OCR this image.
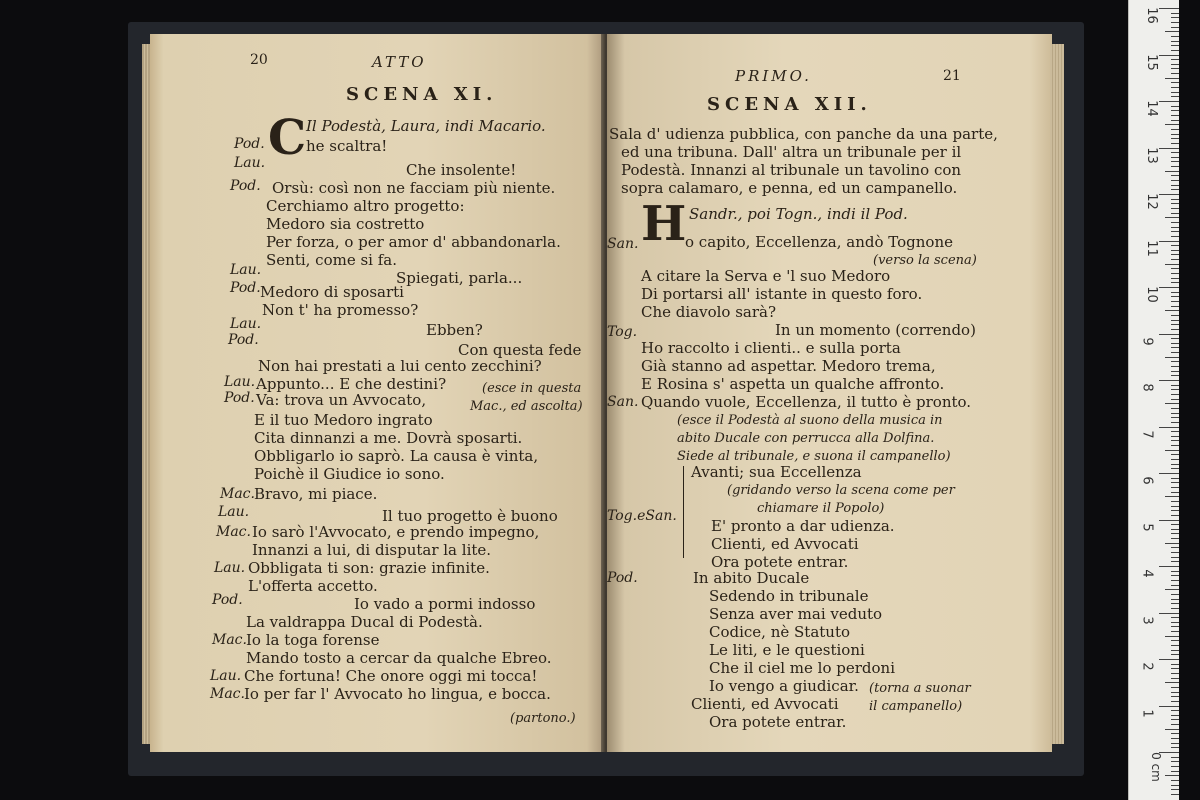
20	ATTO
SCENA XI.
C Il Podestà, Laura, indi Macario.
Pod.	he scaltra!
Lau.	Che insolente!
Pod. Orsù: così non ne facciam più niente.
Cerchiamo altro progetto:
Medoro sia costretto
Per forza, o per amor d' abbandonarla.
Senti, come si fa.
Lau.	Spiegati, parla...
Pod. Medoro di sposarti
Non t' ha promesso?
Lau.	Ebben?
Pod.
Con questa fede
Non hai prestati a lui cento zecchini?
Lau. Appunto... E che destini?	(esce in questa
Pod. Va: trova un Avvocato,	Mac., ed ascolta)
E il tuo Medoro ingrato
Cita dinnanzi a me. Dovrà sposarti.
Obbligarlo io saprò. La causa è vinta,
Poichè il Giudice io sono.
Mac. Bravo, mi piace.
Lau.	Il tuo progetto è buono
Mac. Io sarò l'Avvocato, e prendo impegno,
Innanzi a lui, di disputar la lite.
Lau. Obbligata ti son: grazie infinite.
L'offerta accetto.
Pod.	Io vado a pormi indosso
La valdrappa Ducal di Podestà.
Mac. Io la toga forense
Mando tosto a cercar da qualche Ebreo.
Lau. Che fortuna! Che onore oggi mi tocca!
Mac. Io per far l' Avvocato ho lingua, e bocca.
(partono.)
PRIMO.	21
SCENA XII.
Sala d' udienza pubblica, con panche da una parte,
ed una tribuna. Dall' altra un tribunale per il
Podestà. Innanzi al tribunale un tavolino con
sopra calamaro, e penna, ed un campanello.
H Sandr., poi Togn., indi il Pod.
San.	o capito, Eccellenza, andò Tognone
(verso la scena)
A citare la Serva e 'l suo Medoro
Di portarsi all' istante in questo foro.
Che diavolo sarà?
Tog.	In un momento (correndo)
Ho raccolto i clienti.. e sulla porta
Già stanno ad aspettar. Medoro trema,
E Rosina s' aspetta un qualche affronto.
San. Quando vuole, Eccellenza, il tutto è pronto.
(esce il Podestà al suono della musica in
abito Ducale con perrucca alla Dolfina.
Siede al tribunale, e suona il campanello)
Avanti; sua Eccellenza
(gridando verso la scena come per
chiamare il Popolo)
Tog.eSan.
E' pronto a dar udienza.
Clienti, ed Avvocati
Ora potete entrar.
Pod.	In abito Ducale
Sedendo in tribunale
Senza aver mai veduto
Codice, nè Statuto
Le liti, e le questioni
Che il ciel me lo perdoni
Io vengo a giudicar. (torna a suonar
Clienti, ed Avvocati il campanello)
Ora potete entrar.
16
15
14
13
12
11
10
9
8
7
6
5
4
3
2
1
0 cm
